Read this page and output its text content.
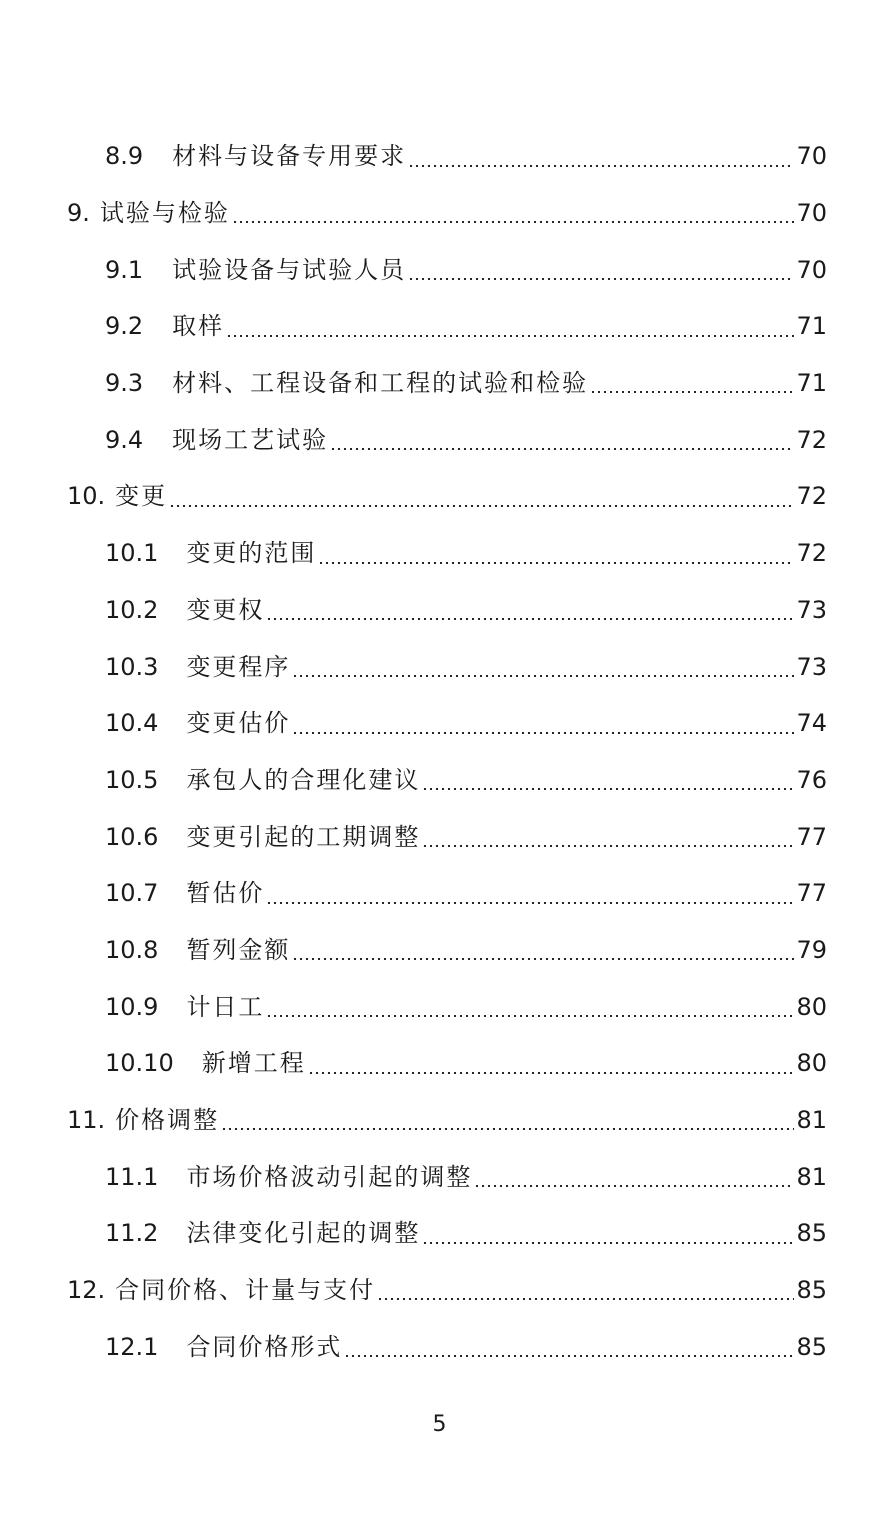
8.9 材料与设备专用要求	70
9. 试验与检验	70
9.1 试验设备与试验人员	70
9.2 取样	71
9.3 材料、工程设备和工程的试验和检验	71
9.4 现场工艺试验	72
10. 变更	72
10.1 变更的范围	72
10.2 变更权	73
10.3 变更程序	73
10.4 变更估价	74
10.5 承包人的合理化建议	76
10.6 变更引起的工期调整	77
10.7 暂估价	77
10.8 暂列金额	79
10.9 计日工	80
10.10 新增工程	80
11. 价格调整	81
11.1 市场价格波动引起的调整	81
11.2 法律变化引起的调整	85
12. 合同价格、计量与支付	85
12.1 合同价格形式	85
5
